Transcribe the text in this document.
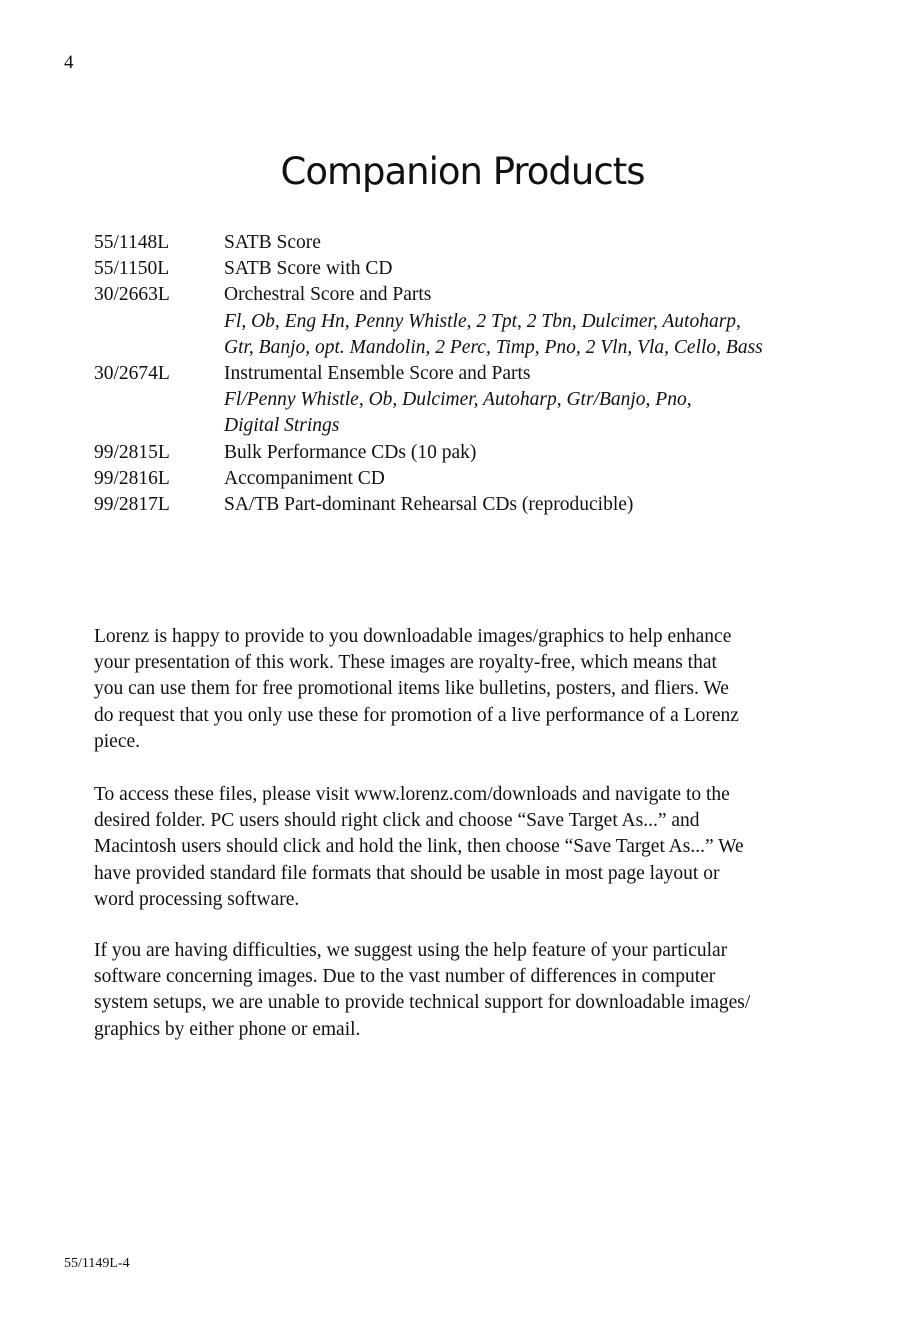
4
Companion Products
55/1148L	SATB Score
55/1150L	SATB Score with CD
30/2663L	Orchestral Score and Parts
Fl, Ob, Eng Hn, Penny Whistle, 2 Tpt, 2 Tbn, Dulcimer, Autoharp,
Gtr, Banjo, opt. Mandolin, 2 Perc, Timp, Pno, 2 Vln, Vla, Cello, Bass
30/2674L	Instrumental Ensemble Score and Parts
Fl/Penny Whistle, Ob, Dulcimer, Autoharp, Gtr/Banjo, Pno,
Digital Strings
99/2815L	Bulk Performance CDs (10 pak)
99/2816L	Accompaniment CD
99/2817L	SA/TB Part-dominant Rehearsal CDs (reproducible)
Lorenz is happy to provide to you downloadable images/graphics to help enhance
your presentation of this work. These images are royalty-free, which means that
you can use them for free promotional items like bulletins, posters, and fliers. We
do request that you only use these for promotion of a live performance of a Lorenz
piece.
To access these files, please visit www.lorenz.com/downloads and navigate to the
desired folder. PC users should right click and choose “Save Target As...” and
Macintosh users should click and hold the link, then choose “Save Target As...” We
have provided standard file formats that should be usable in most page layout or
word processing software.
If you are having difficulties, we suggest using the help feature of your particular
software concerning images. Due to the vast number of differences in computer
system setups, we are unable to provide technical support for downloadable images/
graphics by either phone or email.
55/1149L-4
